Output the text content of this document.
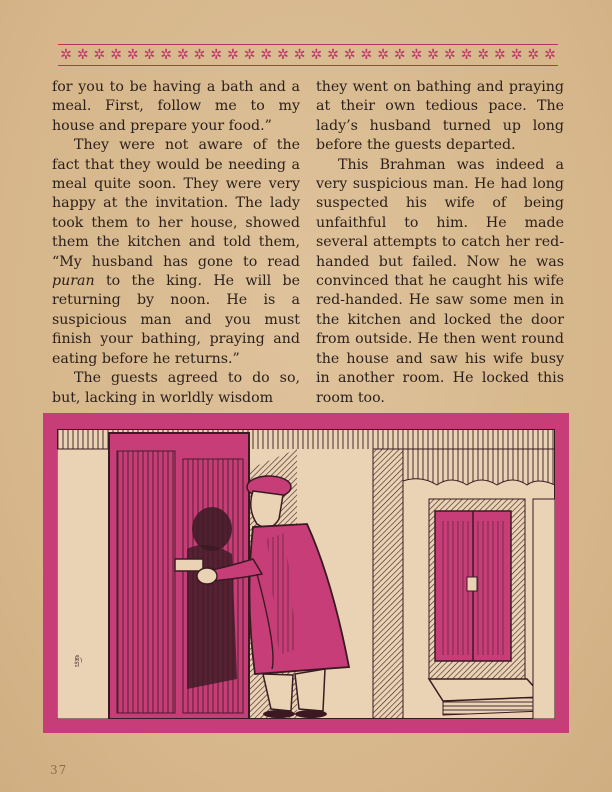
✲ ✲ ✲ ✲ ✲ ✲ ✲ ✲ ✲ ✲ ✲ ✲ ✲ ✲ ✲ ✲ ✲ ✲ ✲ ✲ ✲ ✲ ✲ ✲ ✲ ✲ ✲ ✲ ✲ ✲

for you to be having a bath and a meal. First, follow me to my house and prepare your food.”

They were not aware of the fact that they would be needing a meal quite soon. They were very happy at the invitation. The lady took them to her house, showed them the kitchen and told them, “My husband has gone to read puran to the king. He will be returning by noon. He is a suspicious man and you must finish your bathing, praying and eating before he returns.”

The guests agreed to do so, but, lacking in worldly wisdom

they went on bathing and praying at their own tedious pace. The lady’s husband turned up long before the guests departed.

This Brahman was indeed a very suspicious man. He had long suspected his wife of being unfaithful to him. He made several attempts to catch her red-handed but failed. Now he was convinced that he caught his wife red-handed. He saw some men in the kitchen and locked the door from outside. He then went round the house and saw his wife busy in another room. He locked this room too.

ಚಿತ್ರಾ
37
